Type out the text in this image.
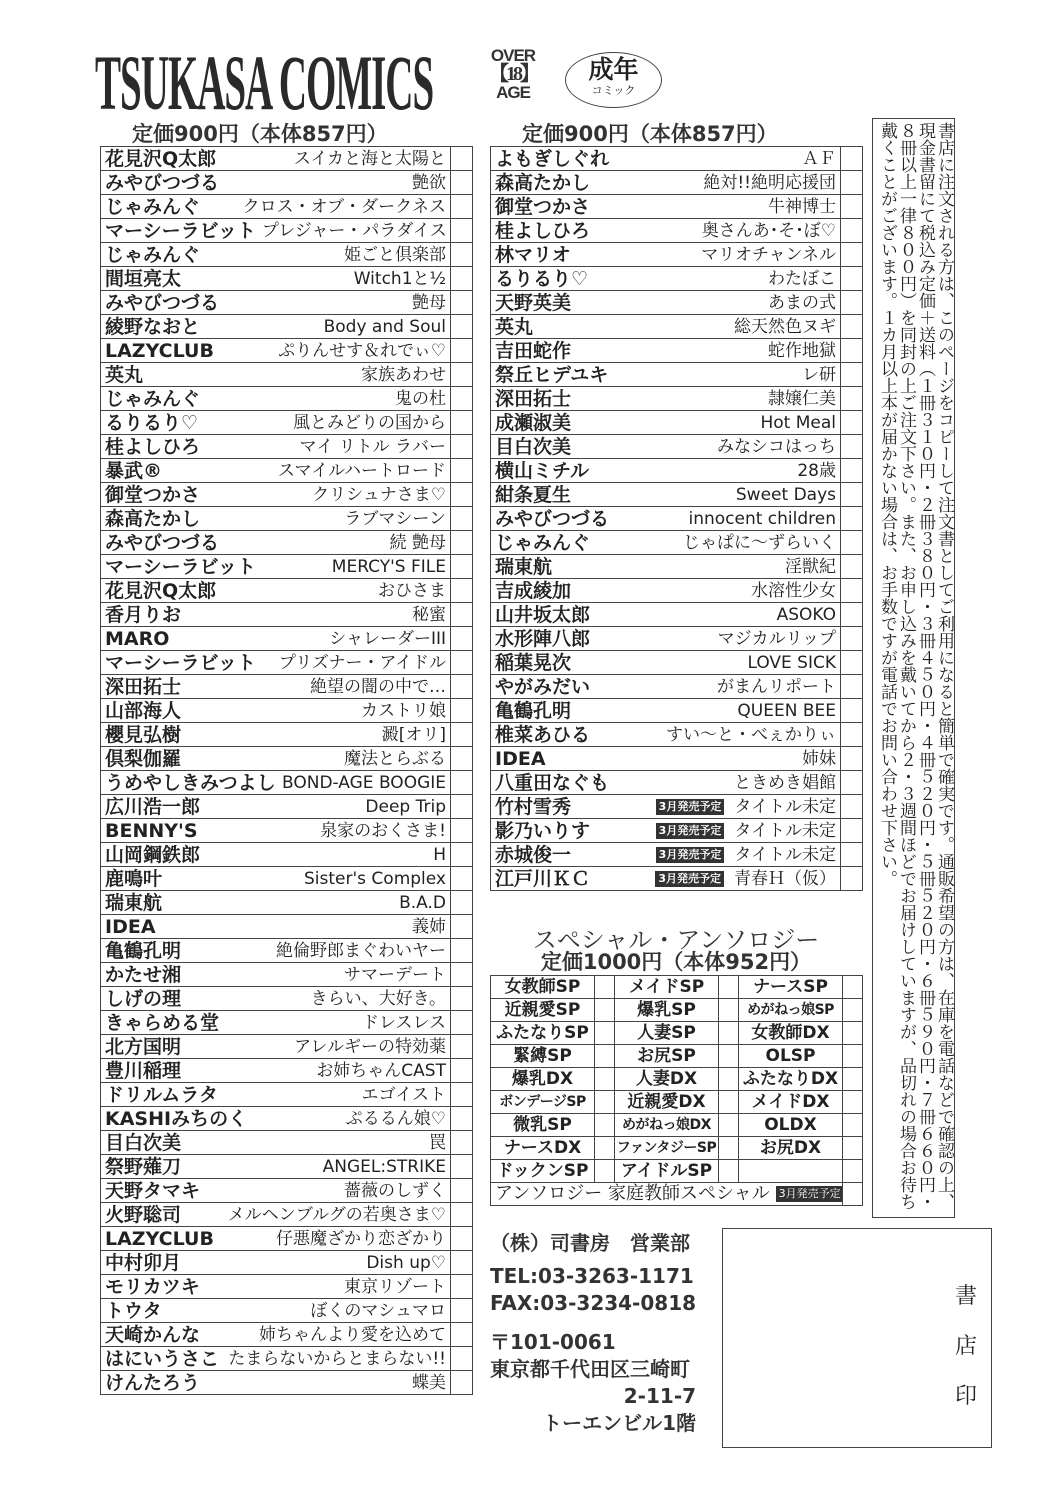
TSUKASA COMICS	OVER
【18】
AGE
成年
コミック
定価900円（本体857円）	定価900円（本体857円）
花見沢Q太郎 スイカと海と太陽と	

みやびつづる 艶欲	

じゃみんぐ クロス・オブ・ダークネス	

マーシーラビット プレジャー・パラダイス	

じゃみんぐ 姫ごと倶楽部	

間垣亮太 Witch1と½	

みやびつづる 艶母	

綾野なおと Body and Soul	

LAZYCLUB ぷりんせす＆れでぃ♡	

英丸 家族あわせ	

じゃみんぐ 鬼の杜	

るりるり♡ 風とみどりの国から	

桂よしひろ マイ リトル ラバー	

暴武® スマイルハートロード	

御堂つかさ クリシュナさま♡	

森高たかし ラブマシーン	

みやびつづる 続 艶母	

マーシーラビット MERCY'S FILE	

花見沢Q太郎 おひさま	

香月りお 秘蜜	

MARO シャレーダーIII	

マーシーラビット プリズナー・アイドル	

深田拓士 絶望の闇の中で…	

山部海人 カストリ娘	

櫻見弘樹 澱[オリ]	

倶梨伽羅 魔法とらぶる	

うめやしきみつよし BOND-AGE BOOGIE	

広川浩一郎 Deep Trip	

BENNY'S 泉家のおくさま!	

山岡鋼鉄郎 H	

鹿鳴叶 Sister's Complex	

瑞東航 B.A.D	

IDEA 義姉	

亀鶴孔明 絶倫野郎まぐわいヤー	

かたせ湘 サマーデート	

しげの理 きらい、大好き。	

きゃらめる堂 ドレスレス	

北方国明 アレルギーの特効薬	

豊川稲理 お姉ちゃんCAST	

ドリルムラタ エゴイスト	

KASHIみちのく ぷるるん娘♡	

目白次美 罠	

祭野薙刀 ANGEL:STRIKE	

天野タマキ 薔薇のしずく	

火野聡司 メルヘンブルグの若奥さま♡	

LAZYCLUB 仔悪魔ざかり恋ざかり	

中村卯月 Dish up♡	

モリカツキ 東京リゾート	

トウタ ぼくのマシュマロ	

天崎かんな 姉ちゃんより愛を込めて	

はにいうさこ たまらないからとまらない!!	

けんたろう 蝶美	

よもぎしぐれ ＡＦ	

森高たかし 絶対!!絶明応援団	

御堂つかさ 牛神博士	

桂よしひろ 奥さんあ･そ･ぼ♡	

林マリオ マリオチャンネル	

るりるり♡ わたぼこ	

天野英美 あまの式	

英丸 総天然色ヌギ	

吉田蛇作 蛇作地獄	

祭丘ヒデユキ レ研	

深田拓士 隷嬢仁美	

成瀬淑美 Hot Meal	

目白次美 みなシコはっち	

横山ミチル 28歳	

紺条夏生 Sweet Days	

みやびつづる innocent children	

じゃみんぐ じゃぱに〜ずらいく	

瑞東航 淫獣紀	

吉成綾加 水溶性少女	

山井坂太郎 ASOKO	

水形陣八郎 マジカルリップ	

稲葉晃次 LOVE SICK	

やがみだい がまんリポート	

亀鶴孔明 QUEEN BEE	

椎菜あひる すい〜と・べぇかりぃ	

IDEA 姉妹	

八重田なぐも ときめき娼館	

竹村雪秀 3月発売予定 タイトル未定	

影乃いりす 3月発売予定 タイトル未定	

赤城俊一 3月発売予定 タイトル未定	

江戸川ＫＣ 3月発売予定 青春Ｈ（仮）	

スペシャル・アンソロジー
定価1000円（本体952円）
女教師SP		メイドSP		ナースSP	
近親愛SP		爆乳SP		めがねっ娘SP	
ふたなりSP		人妻SP		女教師DX	
緊縛SP		お尻SP		OLSP	
爆乳DX		人妻DX		ふたなりDX	
ボンデージSP		近親愛DX		メイドDX	
微乳SP		めがねっ娘DX		OLDX	
ナースDX		ファンタジーSP		お尻DX	
ドックンSP		アイドルSP			

アンソロジー 家庭教師スペシャル 3月発売予定					
		書店に注文される方は、このページをコピーして注文書としてご利用になると簡単で確実です。通販希望の方は、在庫を電話などで確認の上、現金書留にて税込み定価＋送料（１冊３１０円・２冊３８０円・３冊４５０円・４冊５２０円・５冊５２０円・６冊５９０円・７冊６６０円・８冊以上一律８００円）を同封の上ご注文下さい。また、お申し込みを戴いてから２・３週間ほどでお届けしていますが、品切れの場合お待ち戴くことがございます。１カ月以上本が届かない場合は、お手数ですが電話でお問い合わせ下さい。
（株）司書房　営業部
TEL:03-3263-1171
FAX:03-3234-0818
〒101-0061
東京都千代田区三崎町
2-11-7
トーエンビル1階
書
店
印
